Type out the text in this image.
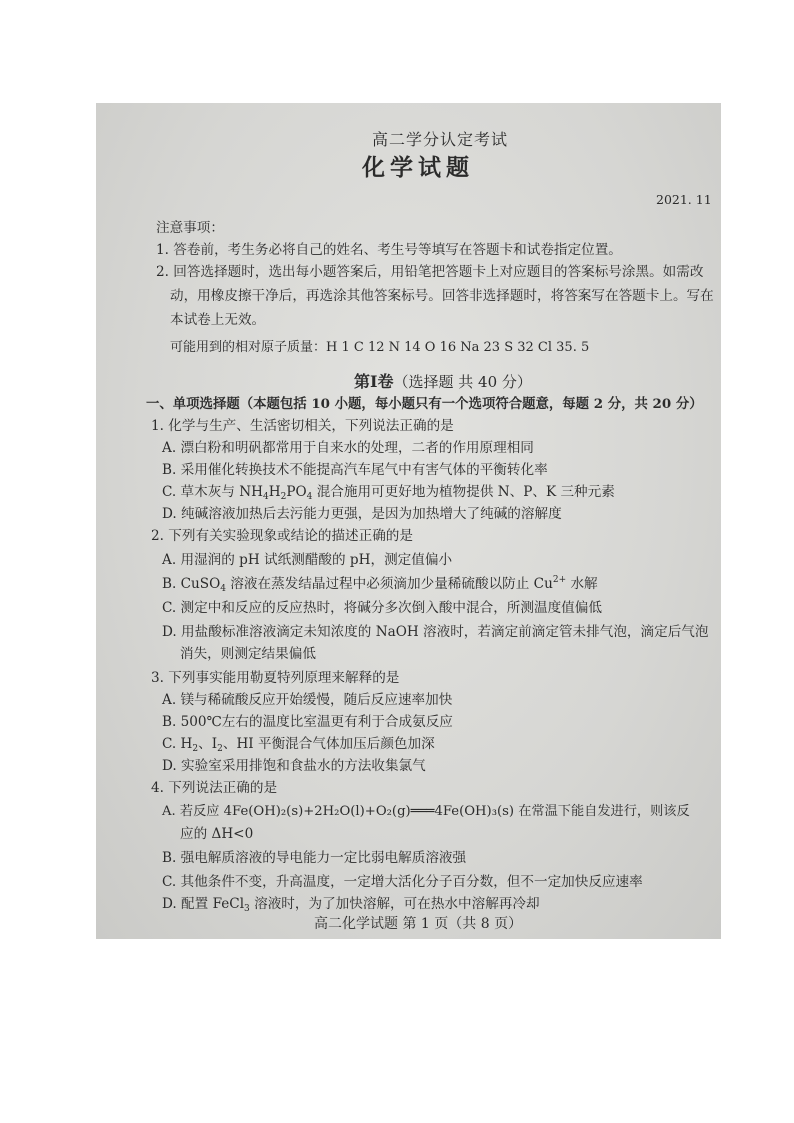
高二学分认定考试
化学试题
2021. 11
注意事项：
1. 答卷前，考生务必将自己的姓名、考生号等填写在答题卡和试卷指定位置。
2. 回答选择题时，选出每小题答案后，用铅笔把答题卡上对应题目的答案标号涂黑。如需改
动，用橡皮擦干净后，再选涂其他答案标号。回答非选择题时，将答案写在答题卡上。写在
本试卷上无效。
可能用到的相对原子质量：H 1 C 12 N 14 O 16 Na 23 S 32 Cl 35. 5
第Ⅰ卷（选择题 共 40 分）
一、单项选择题（本题包括 10 小题，每小题只有一个选项符合题意，每题 2 分，共 20 分）
1. 化学与生产、生活密切相关，下列说法正确的是
A. 漂白粉和明矾都常用于自来水的处理，二者的作用原理相同
B. 采用催化转换技术不能提高汽车尾气中有害气体的平衡转化率
C. 草木灰与 $NH_4H_2PO_4$ 混合施用可更好地为植物提供 N、P、K 三种元素
D. 纯碱溶液加热后去污能力更强，是因为加热增大了纯碱的溶解度
2. 下列有关实验现象或结论的描述正确的是
A. 用湿润的 pH 试纸测醋酸的 pH，测定值偏小
B. CuSO$_4$ 溶液在蒸发结晶过程中必须滴加少量稀硫酸以防止 $Cu^{2+}$ 水解
C. 测定中和反应的反应热时，将碱分多次倒入酸中混合，所测温度值偏低
D. 用盐酸标准溶液滴定未知浓度的 NaOH 溶液时，若滴定前滴定管未排气泡，滴定后气泡
消失，则测定结果偏低
3. 下列事实能用勒夏特列原理来解释的是
A. 镁与稀硫酸反应开始缓慢，随后反应速率加快
B. 500℃左右的温度比室温更有利于合成氨反应
C. $H_2$、$I_2$、HI 平衡混合气体加压后颜色加深
D. 实验室采用排饱和食盐水的方法收集氯气
4. 下列说法正确的是
A. 若反应 4Fe(OH)₂(s)+2H₂O(l)+O₂(g)═══4Fe(OH)₃(s) 在常温下能自发进行，则该反
应的 ΔH<0
B. 强电解质溶液的导电能力一定比弱电解质溶液强
C. 其他条件不变，升高温度，一定增大活化分子百分数，但不一定加快反应速率
D. 配置 FeCl$_3$ 溶液时，为了加快溶解，可在热水中溶解再冷却
高二化学试题 第 1 页（共 8 页）
